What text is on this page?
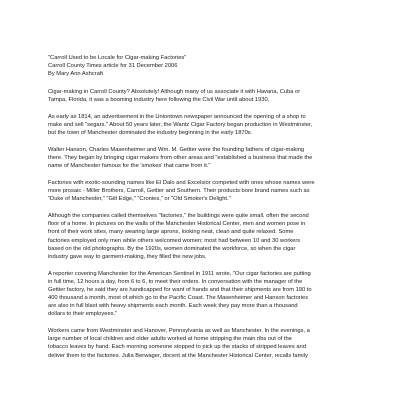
"Carroll Used to be Locale for Cigar-making Factories"

Carroll County Times article for 31 December 2006

By Mary Ann Ashcraft

Cigar-making in Carroll County? Absolutely! Although many of us associate it with Havana, Cuba or
Tampa, Florida, it was a booming industry here following the Civil War until about 1930.

As early as 1814, an advertisement in the Uniontown newspaper announced the opening of a shop to
make and sell "segars." About 50 years later, the Wantz Cigar Factory began production in Westminster,
but the town of Manchester dominated the industry beginning in the early 1870s.

Walter Hanson, Charles Masenheimer and Wm. M. Gettier were the founding fathers of cigar-making
there. They began by bringing cigar makers from other areas and "established a business that made the
name of Manchester famous for the 'smokes' that came from it."

Factories with exotic-sounding names like El Dalo and Excelsior competed with ones whose names were
more prosaic - Miller Brothers, Carroll, Gettier and Southern. Their products bore brand names such as
"Duke of Manchester," "Gilt Edge," "Cronies," or "Old Smoker's Delight."

Although the companies called themselves "factories," the buildings were quite small, often the second
floor of a home. In pictures on the walls of the Manchester Historical Center, men and women pose in
front of their work sites, many wearing large aprons, looking neat, clean and quite relaxed. Some
factories employed only men while others welcomed women; most had between 10 and 30 workers
based on the old photographs. By the 1920s, women dominated the workforce, so when the cigar
industry gave way to garment-making, they filled the new jobs.

A reporter covering Manchester for the American Sentinel in 1911 wrote, "Our cigar factories are putting
in full time, 12 hours a day, from 6 to 6, to meet their orders. In conversation with the manager of the
Gettier factory, he said they are handicapped for want of hands and that their shipments are from 190 to
400 thousand a month, most of which go to the Pacific Coast. The Masenheimer and Hanson factories
are also in full blast with heavy shipments each month. Each week they pay more than a thousand
dollars to their employees."

Workers came from Westminster and Hanover, Pennsylvania as well as Manchester. In the evenings, a
large number of local children and older adults worked at home stripping the main ribs out of the
tobacco leaves by hand. Each morning someone stopped to pick up the stacks of stripped leaves and
deliver them to the factories. Julia Berwager, docent at the Manchester Historical Center, recalls family
